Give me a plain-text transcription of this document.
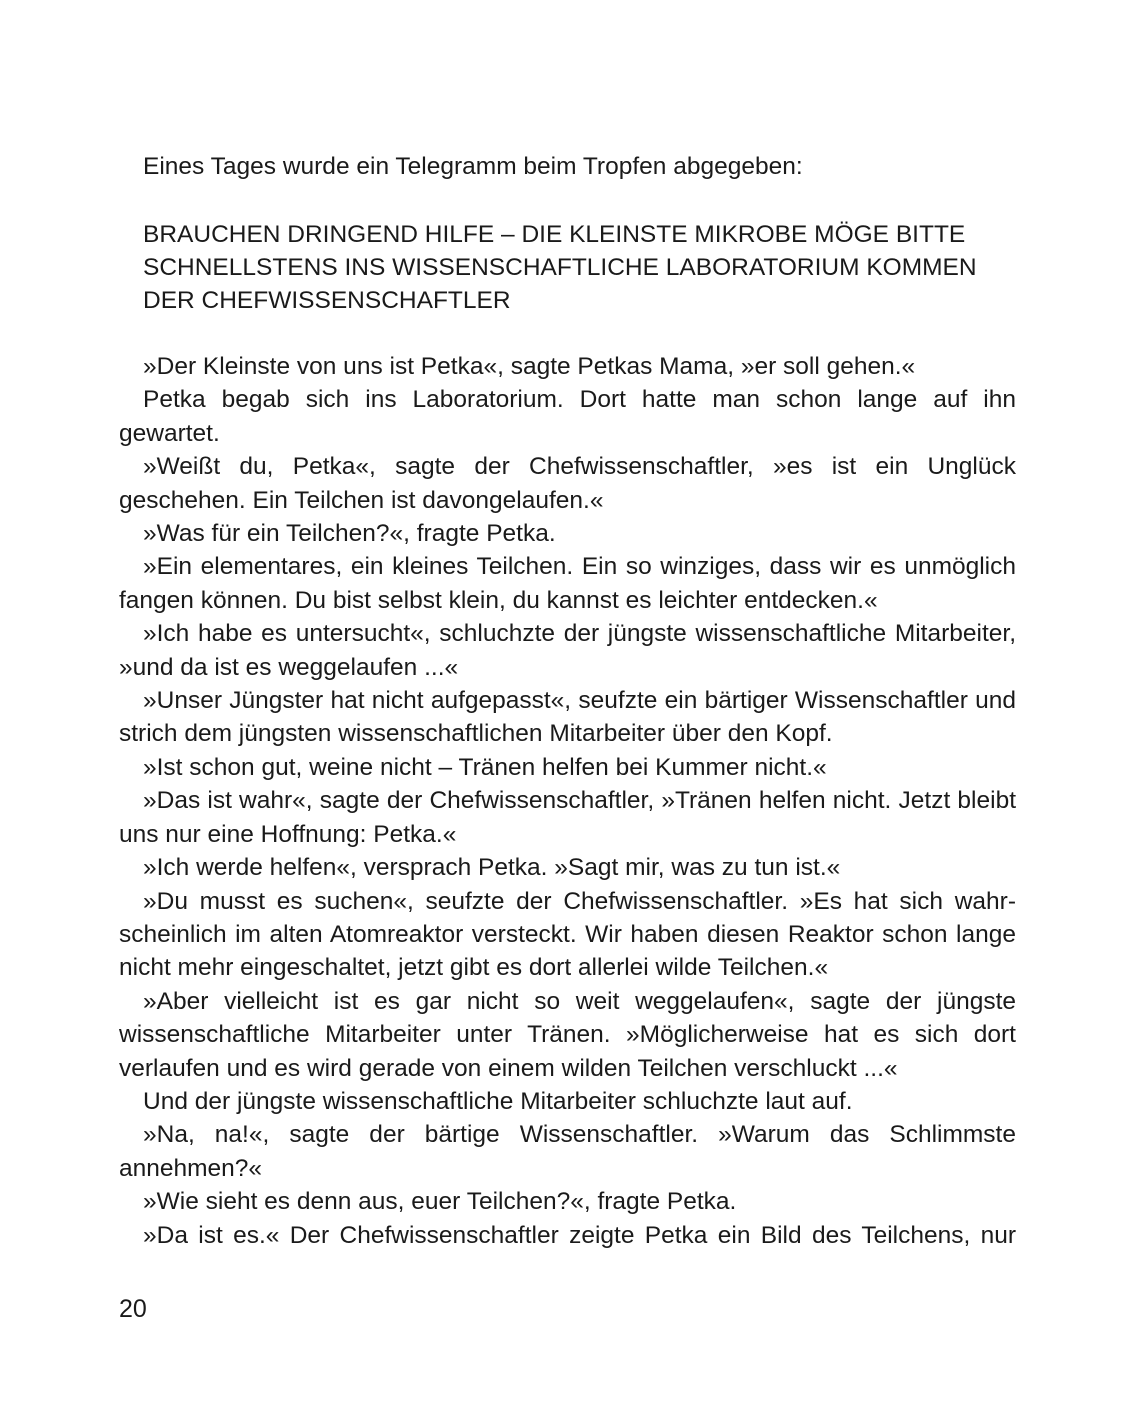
Eines Tages wurde ein Telegramm beim Tropfen abgegeben:

BRAUCHEN DRINGEND HILFE – DIE KLEINSTE MIKROBE MÖGE BITTE

SCHNELLSTENS INS WISSENSCHAFTLICHE LABORATORIUM KOMMEN

DER CHEFWISSENSCHAFTLER

»Der Kleinste von uns ist Petka«, sagte Petkas Mama, »er soll gehen.«

Petka begab sich ins Laboratorium. Dort hatte man schon lange auf ihn gewartet.

»Weißt du, Petka«, sagte der Chefwissenschaftler, »es ist ein Unglück geschehen. Ein Teilchen ist davongelaufen.«

»Was für ein Teilchen?«, fragte Petka.

»Ein elementares, ein kleines Teilchen. Ein so winziges, dass wir es unmöglich fangen können. Du bist selbst klein, du kannst es leichter entdecken.«

»Ich habe es untersucht«, schluchzte der jüngste wissenschaftliche Mitarbeiter, »und da ist es weggelaufen ...«

»Unser Jüngster hat nicht aufgepasst«, seufzte ein bärtiger Wissenschaftler und strich dem jüngsten wissenschaftlichen Mitarbeiter über den Kopf.

»Ist schon gut, weine nicht – Tränen helfen bei Kummer nicht.«

»Das ist wahr«, sagte der Chefwissenschaftler, »Tränen helfen nicht. Jetzt bleibt uns nur eine Hoffnung: Petka.«

»Ich werde helfen«, versprach Petka. »Sagt mir, was zu tun ist.«

»Du musst es suchen«, seufzte der Chefwissenschaftler. »Es hat sich wahrscheinlich im alten Atomreaktor versteckt. Wir haben diesen Reaktor schon lange nicht mehr eingeschaltet, jetzt gibt es dort allerlei wilde Teilchen.«

»Aber vielleicht ist es gar nicht so weit weggelaufen«, sagte der jüngste wissenschaftliche Mitarbeiter unter Tränen. »Möglicherweise hat es sich dort verlaufen und es wird gerade von einem wilden Teilchen verschluckt ...«

Und der jüngste wissenschaftliche Mitarbeiter schluchzte laut auf.

»Na, na!«, sagte der bärtige Wissenschaftler. »Warum das Schlimmste annehmen?«

»Wie sieht es denn aus, euer Teilchen?«, fragte Petka.

»Da ist es.« Der Chefwissenschaftler zeigte Petka ein Bild des Teilchens, nur

20
